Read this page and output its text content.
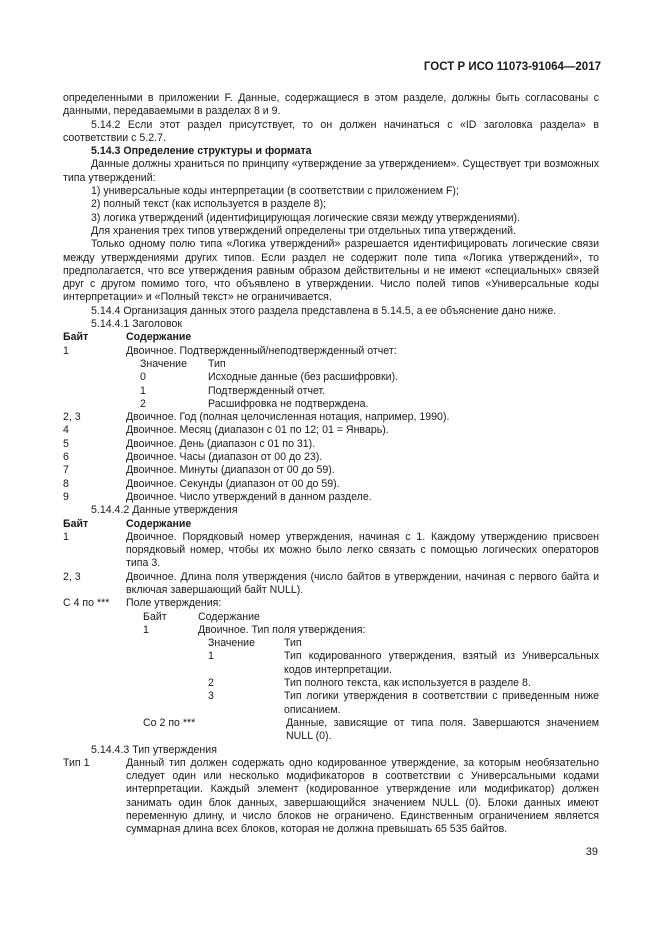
ГОСТ Р ИСО 11073-91064—2017
определенными в приложении F. Данные, содержащиеся в этом разделе, должны быть согласованы с данными, передаваемыми в разделах 8 и 9.
5.14.2 Если этот раздел присутствует, то он должен начинаться с «ID заголовка раздела» в соответствии с 5.2.7.
5.14.3 Определение структуры и формата
Данные должны храниться по принципу «утверждение за утверждением». Существует три возможных типа утверждений:
1) универсальные коды интерпретации (в соответствии с приложением F);
2) полный текст (как используется в разделе 8);
3) логика утверждений (идентифицирующая логические связи между утверждениями).
Для хранения трех типов утверждений определены три отдельных типа утверждений.
Только одному полю типа «Логика утверждений» разрешается идентифицировать логические связи между утверждениями других типов. Если раздел не содержит поле типа «Логика утверждений», то предполагается, что все утверждения равным образом действительны и не имеют «специальных» связей друг с другом помимо того, что объявлено в утверждении. Число полей типов «Универсальные коды интерпретации» и «Полный текст» не ограничивается.
5.14.4 Организация данных этого раздела представлена в 5.14.5, а ее объяснение дано ниже.
5.14.4.1 Заголовок
Байт	Содержание
1	Двоичное. Подтвержденный/неподтвержденный отчет:
Значение Тип
0	Исходные данные (без расшифровки).
1	Подтвержденный отчет.
2	Расшифровка не подтверждена.
2, 3	Двоичное. Год (полная целочисленная нотация, например, 1990).
4	Двоичное. Месяц (диапазон с 01 по 12; 01 = Январь).
5	Двоичное. День (диапазон с 01 по 31).
6	Двоичное. Часы (диапазон от 00 до 23).
7	Двоичное. Минуты (диапазон от 00 до 59).
8	Двоичное. Секунды (диапазон от 00 до 59).
9	Двоичное. Число утверждений в данном разделе.
5.14.4.2 Данные утверждения
Байт	Содержание
1	Двоичное. Порядковый номер утверждения, начиная с 1. Каждому утверждению присвоен порядковый номер, чтобы их можно было легко связать с помощью логических операторов типа 3.
2, 3	Двоичное. Длина поля утверждения (число байтов в утверждении, начиная с первого байта и включая завершающий байт NULL).
С 4 по *** Поле утверждения:
Байт	Содержание
1	Двоичное. Тип поля утверждения:
Значение	Тип
1	Тип кодированного утверждения, взятый из Универсальных кодов интерпретации.
2	Тип полного текста, как используется в разделе 8.
3	Тип логики утверждения в соответствии с приведенным ниже описанием.
Со 2 по ***	Данные, зависящие от типа поля. Завершаются значением NULL (0).
5.14.4.3 Тип утверждения
Тип 1	Данный тип должен содержать одно кодированное утверждение, за которым необязательно следует один или несколько модификаторов в соответствии с Универсальными кодами интерпретации. Каждый элемент (кодированное утверждение или модификатор) должен занимать один блок данных, завершающийся значением NULL (0). Блоки данных имеют переменную длину, и число блоков не ограничено. Единственным ограничением является суммарная длина всех блоков, которая не должна превышать 65 535 байтов.
39
